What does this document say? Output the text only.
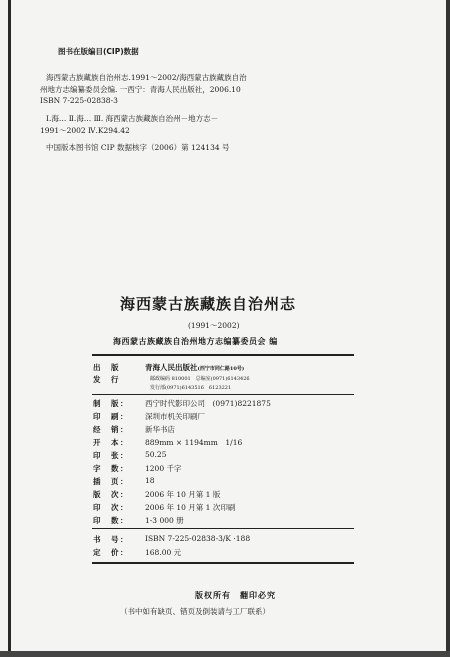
图书在版编目(CIP)数据
海西蒙古族藏族自治州志.1991～2002/海西蒙古族藏族自治
州地方志编纂委员会编. 一西宁：青海人民出版社，2006.10
ISBN 7-225-02838-3
Ⅰ.海… Ⅱ.海… Ⅲ. 海西蒙古族藏族自治州－地方志－
1991～2002 Ⅳ.K294.42
中国版本图书馆 CIP 数据核字（2006）第 124134 号
海西蒙古族藏族自治州志
(1991～2002)
海西蒙古族藏族自治州地方志编纂委员会 编
出　版	青海人民出版社(西宁市同仁路10号)
发　行	邮政编码 810001　总编室(0971)6143426
发行部(0971)6143516　6123221
制　版： 西宁时代影印公司　(0971)8221875
印　刷： 深圳市机关印刷厂
经　销： 新华书店
开　本： 889mm × 1194mm　1/16
印　张： 50.25
字　数： 1200 千字
插　页： 18
版　次： 2006 年 10 月第 1 版
印　次： 2006 年 10 月第 1 次印刷
印　数： 1-3 000 册
书　号： ISBN 7-225-02838-3/K ·188
定　价： 168.00 元
版权所有　翻印必究
（书中如有缺页、错页及倒装请与工厂联系）
